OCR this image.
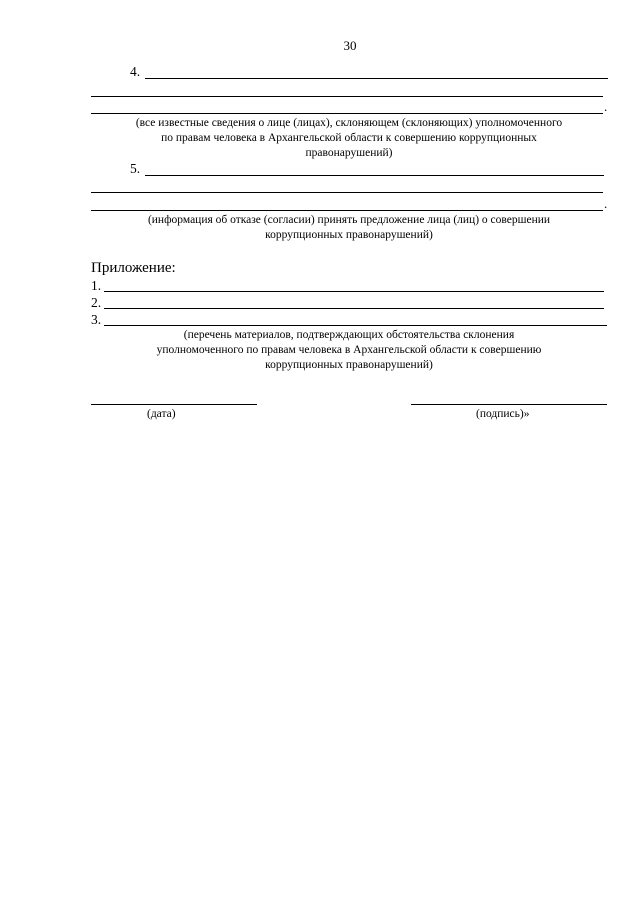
30
4.
.
(все известные сведения о лице (лицах), склоняющем (склоняющих) уполномоченного
по правам человека в Архангельской области к совершению коррупционных
правонарушений)
5.
.
(информация об отказе (согласии) принять предложение лица (лиц) о совершении
коррупционных правонарушений)
Приложение:
1.
2.
3.
(перечень материалов, подтверждающих обстоятельства склонения
уполномоченного по правам человека в Архангельской области к совершению
коррупционных правонарушений)
(дата)	(подпись)»
